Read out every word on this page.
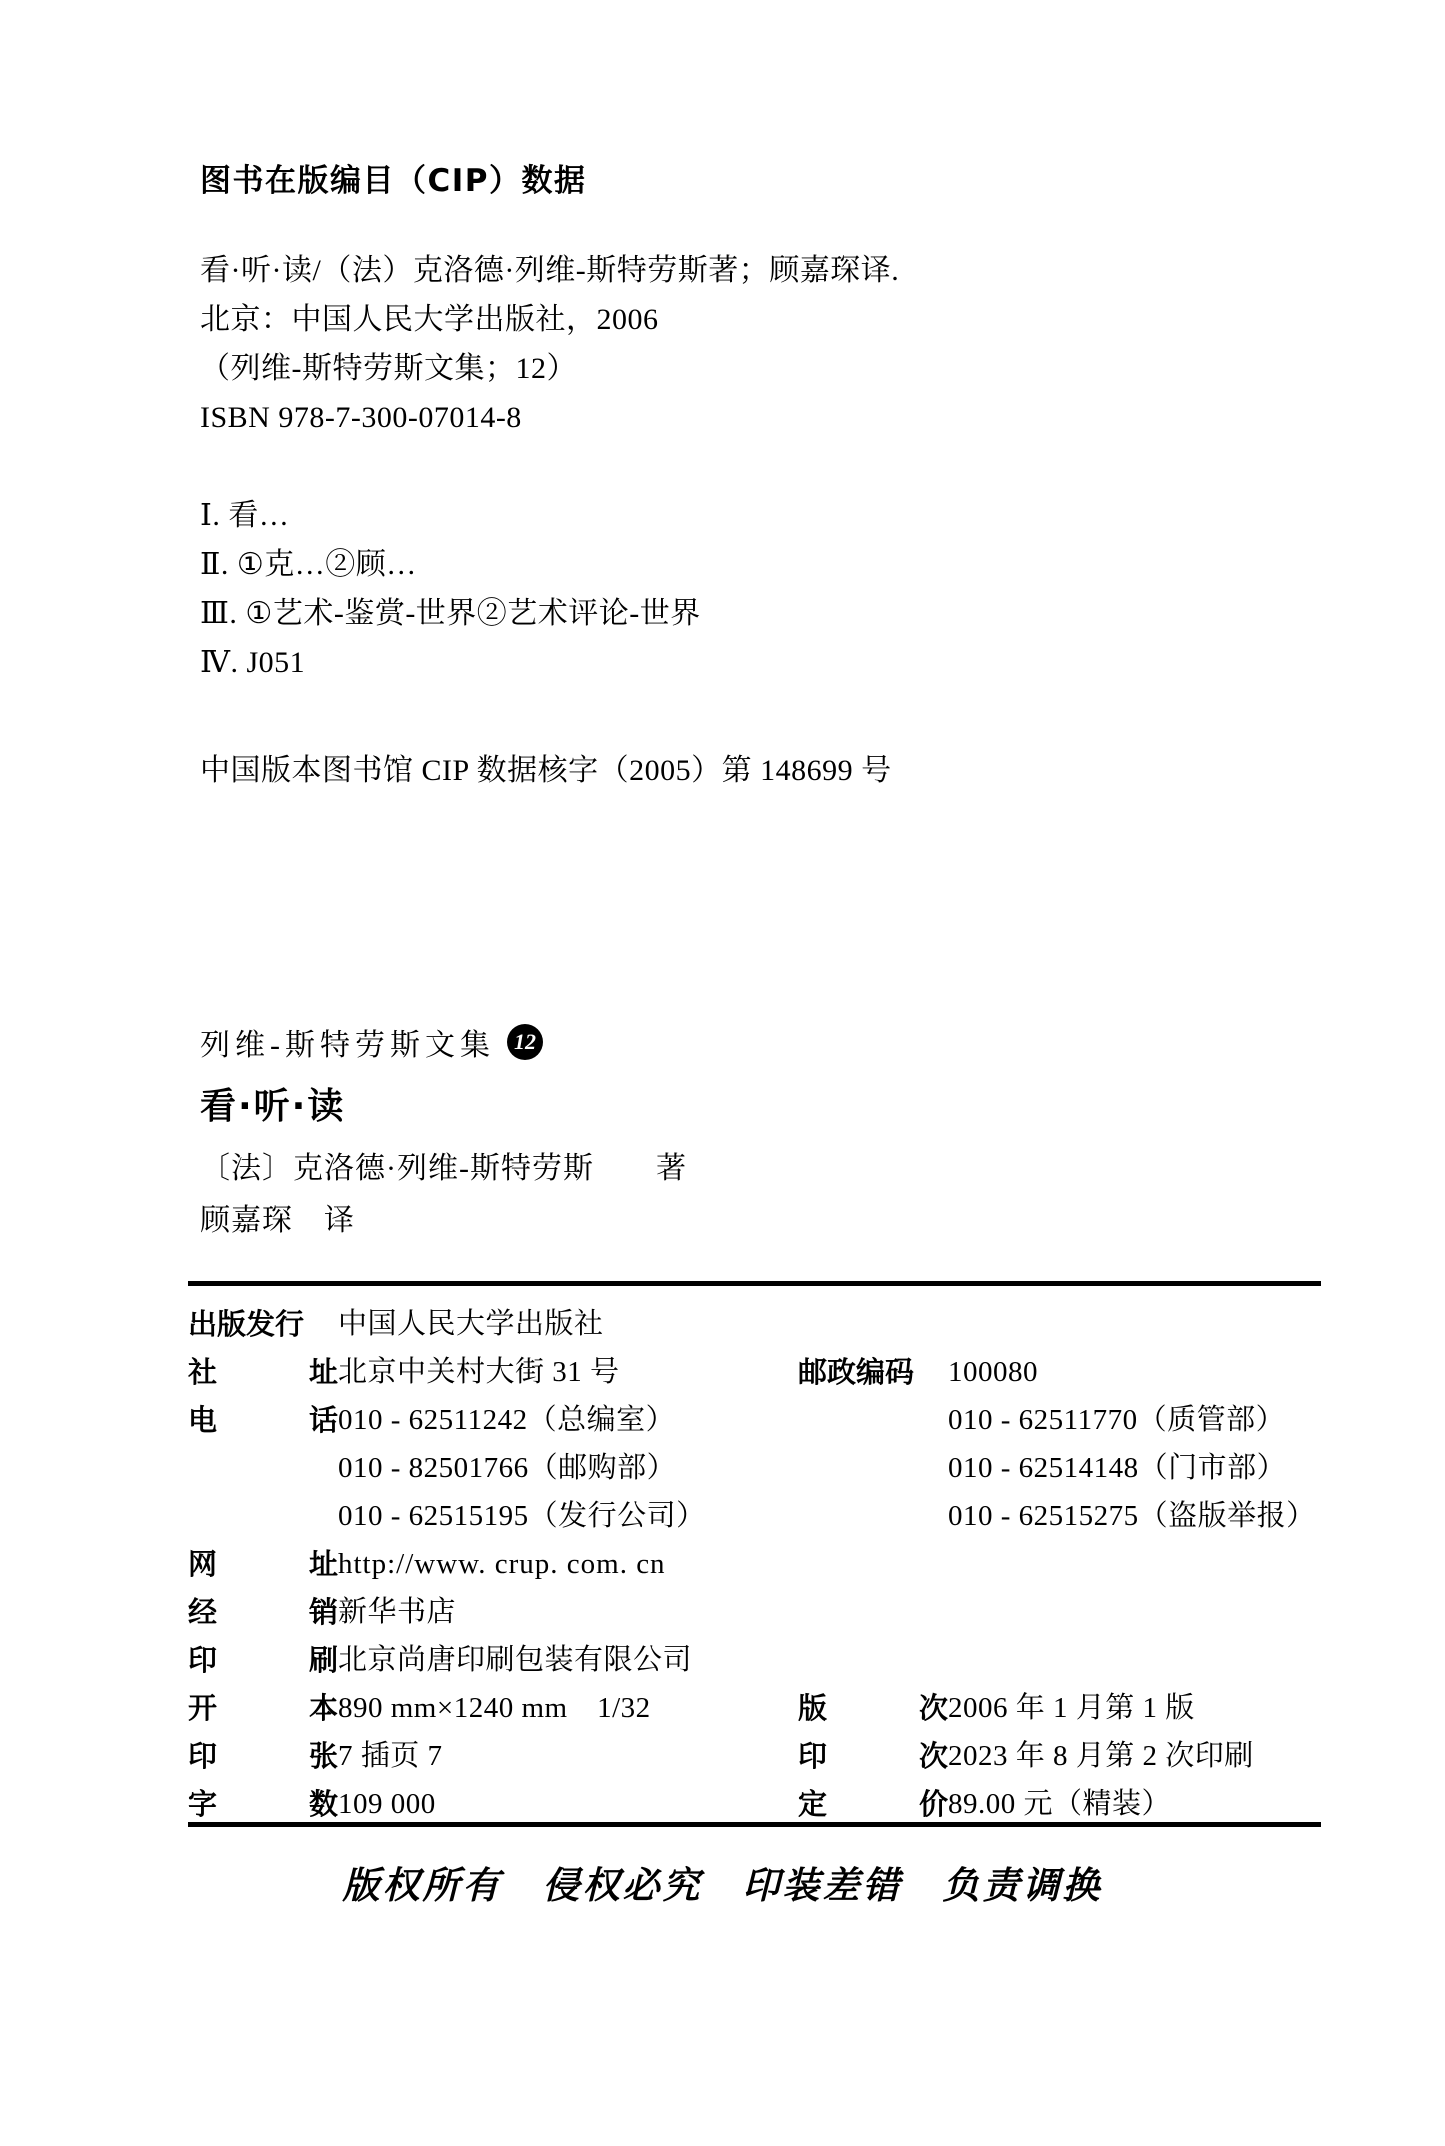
图书在版编目（CIP）数据
看·听·读/（法）克洛德·列维-斯特劳斯著；顾嘉琛译.
北京：中国人民大学出版社，2006
（列维-斯特劳斯文集；12）
ISBN 978-7-300-07014-8
Ⅰ. 看…
Ⅱ. ①克…②顾…
Ⅲ. ①艺术-鉴赏-世界②艺术评论-世界
Ⅳ. J051
中国版本图书馆 CIP 数据核字（2005）第 148699 号
列维-斯特劳斯文集 12
看·听·读
〔法〕克洛德·列维-斯特劳斯　　著
顾嘉琛　译
出版发行	中国人民大学出版社
社	址 北京中关村大街 31 号	邮政编码	100080
电	话 010 - 62511242（总编室）	010 - 62511770（质管部）
010 - 82501766（邮购部）	010 - 62514148（门市部）
010 - 62515195（发行公司）	010 - 62515275（盗版举报）
网	址 http://www. crup. com. cn
经	销 新华书店
印	刷 北京尚唐印刷包装有限公司
开	本 890 mm×1240 mm　1/32	版	次 2006 年 1 月第 1 版
印	张 7 插页 7	印	次 2023 年 8 月第 2 次印刷
字	数 109 000	定	价 89.00 元（精装）
版权所有　侵权必究　印装差错　负责调换
